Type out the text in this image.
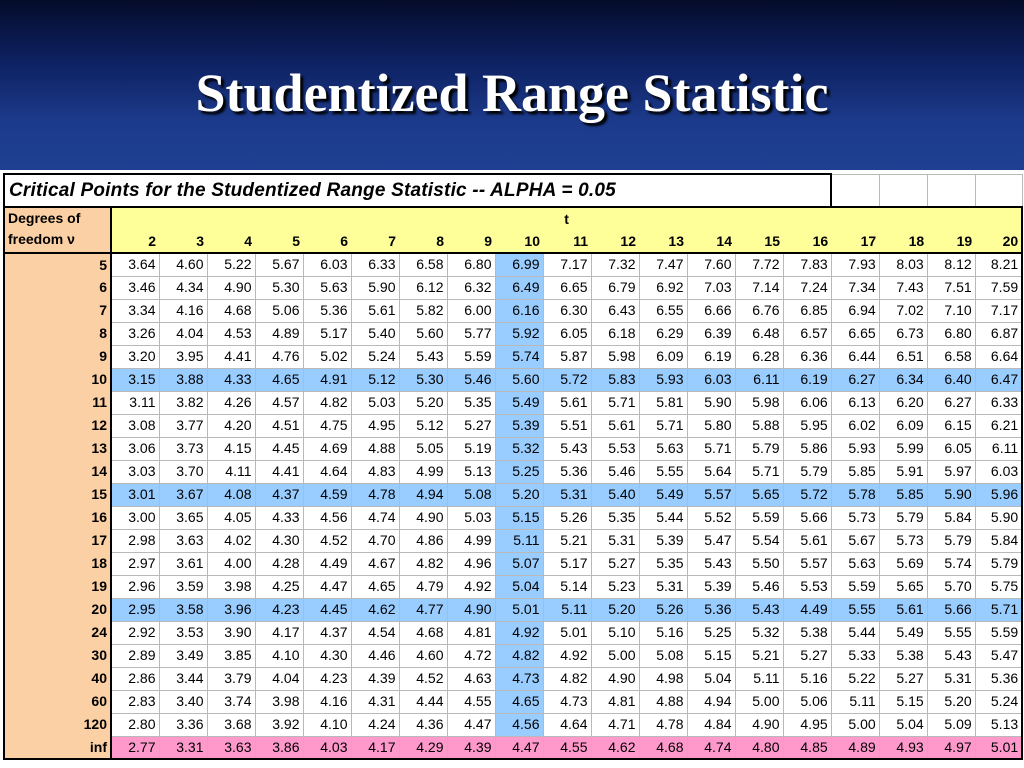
Studentized Range Statistic
Critical Points for the Studentized Range Statistic -- ALPHA = 0.05																			

Degrees of
freedom ν	t																		
	2	3	4	5	6	7	8	9	10	11	12	13	14	15	16	17	18	19	20
5	3.64	4.60	5.22	5.67	6.03	6.33	6.58	6.80	6.99	7.17	7.32	7.47	7.60	7.72	7.83	7.93	8.03	8.12	8.21
6	3.46	4.34	4.90	5.30	5.63	5.90	6.12	6.32	6.49	6.65	6.79	6.92	7.03	7.14	7.24	7.34	7.43	7.51	7.59
7	3.34	4.16	4.68	5.06	5.36	5.61	5.82	6.00	6.16	6.30	6.43	6.55	6.66	6.76	6.85	6.94	7.02	7.10	7.17
8	3.26	4.04	4.53	4.89	5.17	5.40	5.60	5.77	5.92	6.05	6.18	6.29	6.39	6.48	6.57	6.65	6.73	6.80	6.87
9	3.20	3.95	4.41	4.76	5.02	5.24	5.43	5.59	5.74	5.87	5.98	6.09	6.19	6.28	6.36	6.44	6.51	6.58	6.64
10	3.15	3.88	4.33	4.65	4.91	5.12	5.30	5.46	5.60	5.72	5.83	5.93	6.03	6.11	6.19	6.27	6.34	6.40	6.47
11	3.11	3.82	4.26	4.57	4.82	5.03	5.20	5.35	5.49	5.61	5.71	5.81	5.90	5.98	6.06	6.13	6.20	6.27	6.33
12	3.08	3.77	4.20	4.51	4.75	4.95	5.12	5.27	5.39	5.51	5.61	5.71	5.80	5.88	5.95	6.02	6.09	6.15	6.21
13	3.06	3.73	4.15	4.45	4.69	4.88	5.05	5.19	5.32	5.43	5.53	5.63	5.71	5.79	5.86	5.93	5.99	6.05	6.11
14	3.03	3.70	4.11	4.41	4.64	4.83	4.99	5.13	5.25	5.36	5.46	5.55	5.64	5.71	5.79	5.85	5.91	5.97	6.03
15	3.01	3.67	4.08	4.37	4.59	4.78	4.94	5.08	5.20	5.31	5.40	5.49	5.57	5.65	5.72	5.78	5.85	5.90	5.96
16	3.00	3.65	4.05	4.33	4.56	4.74	4.90	5.03	5.15	5.26	5.35	5.44	5.52	5.59	5.66	5.73	5.79	5.84	5.90
17	2.98	3.63	4.02	4.30	4.52	4.70	4.86	4.99	5.11	5.21	5.31	5.39	5.47	5.54	5.61	5.67	5.73	5.79	5.84
18	2.97	3.61	4.00	4.28	4.49	4.67	4.82	4.96	5.07	5.17	5.27	5.35	5.43	5.50	5.57	5.63	5.69	5.74	5.79
19	2.96	3.59	3.98	4.25	4.47	4.65	4.79	4.92	5.04	5.14	5.23	5.31	5.39	5.46	5.53	5.59	5.65	5.70	5.75
20	2.95	3.58	3.96	4.23	4.45	4.62	4.77	4.90	5.01	5.11	5.20	5.26	5.36	5.43	4.49	5.55	5.61	5.66	5.71
24	2.92	3.53	3.90	4.17	4.37	4.54	4.68	4.81	4.92	5.01	5.10	5.16	5.25	5.32	5.38	5.44	5.49	5.55	5.59
30	2.89	3.49	3.85	4.10	4.30	4.46	4.60	4.72	4.82	4.92	5.00	5.08	5.15	5.21	5.27	5.33	5.38	5.43	5.47
40	2.86	3.44	3.79	4.04	4.23	4.39	4.52	4.63	4.73	4.82	4.90	4.98	5.04	5.11	5.16	5.22	5.27	5.31	5.36
60	2.83	3.40	3.74	3.98	4.16	4.31	4.44	4.55	4.65	4.73	4.81	4.88	4.94	5.00	5.06	5.11	5.15	5.20	5.24
120	2.80	3.36	3.68	3.92	4.10	4.24	4.36	4.47	4.56	4.64	4.71	4.78	4.84	4.90	4.95	5.00	5.04	5.09	5.13
inf	2.77	3.31	3.63	3.86	4.03	4.17	4.29	4.39	4.47	4.55	4.62	4.68	4.74	4.80	4.85	4.89	4.93	4.97	5.01
